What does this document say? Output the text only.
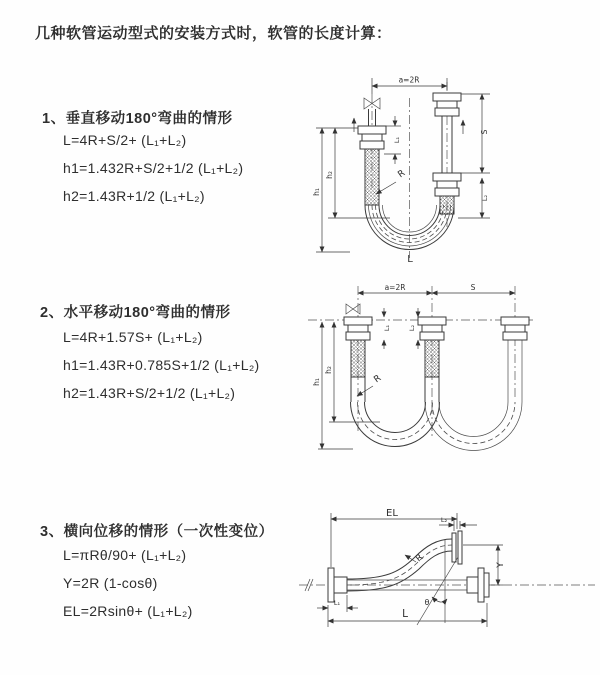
几种软管运动型式的安装方式时，软管的长度计算：
1、垂直移动180°弯曲的情形
L=4R+S/2+ (L₁+L₂)
h1=1.432R+S/2+1/2 (L₁+L₂)
h2=1.43R+1/2 (L₁+L₂)
2、水平移动180°弯曲的情形
L=4R+1.57S+ (L₁+L₂)
h1=1.43R+0.785S+1/2 (L₁+L₂)
h2=1.43R+S/2+1/2 (L₁+L₂)
3、横向位移的情形（一次性变位）
L=πRθ/90+ (L₁+L₂)
Y=2R (1-cosθ)
EL=2Rsinθ+ (L₁+L₂)
a=2R
h₁
h₂
L₁
S
L₂
R
L
a=2R	S
h₁
h₂
L₁	L₂
R
EL
L₂
Y
L
L₁
R
θ
